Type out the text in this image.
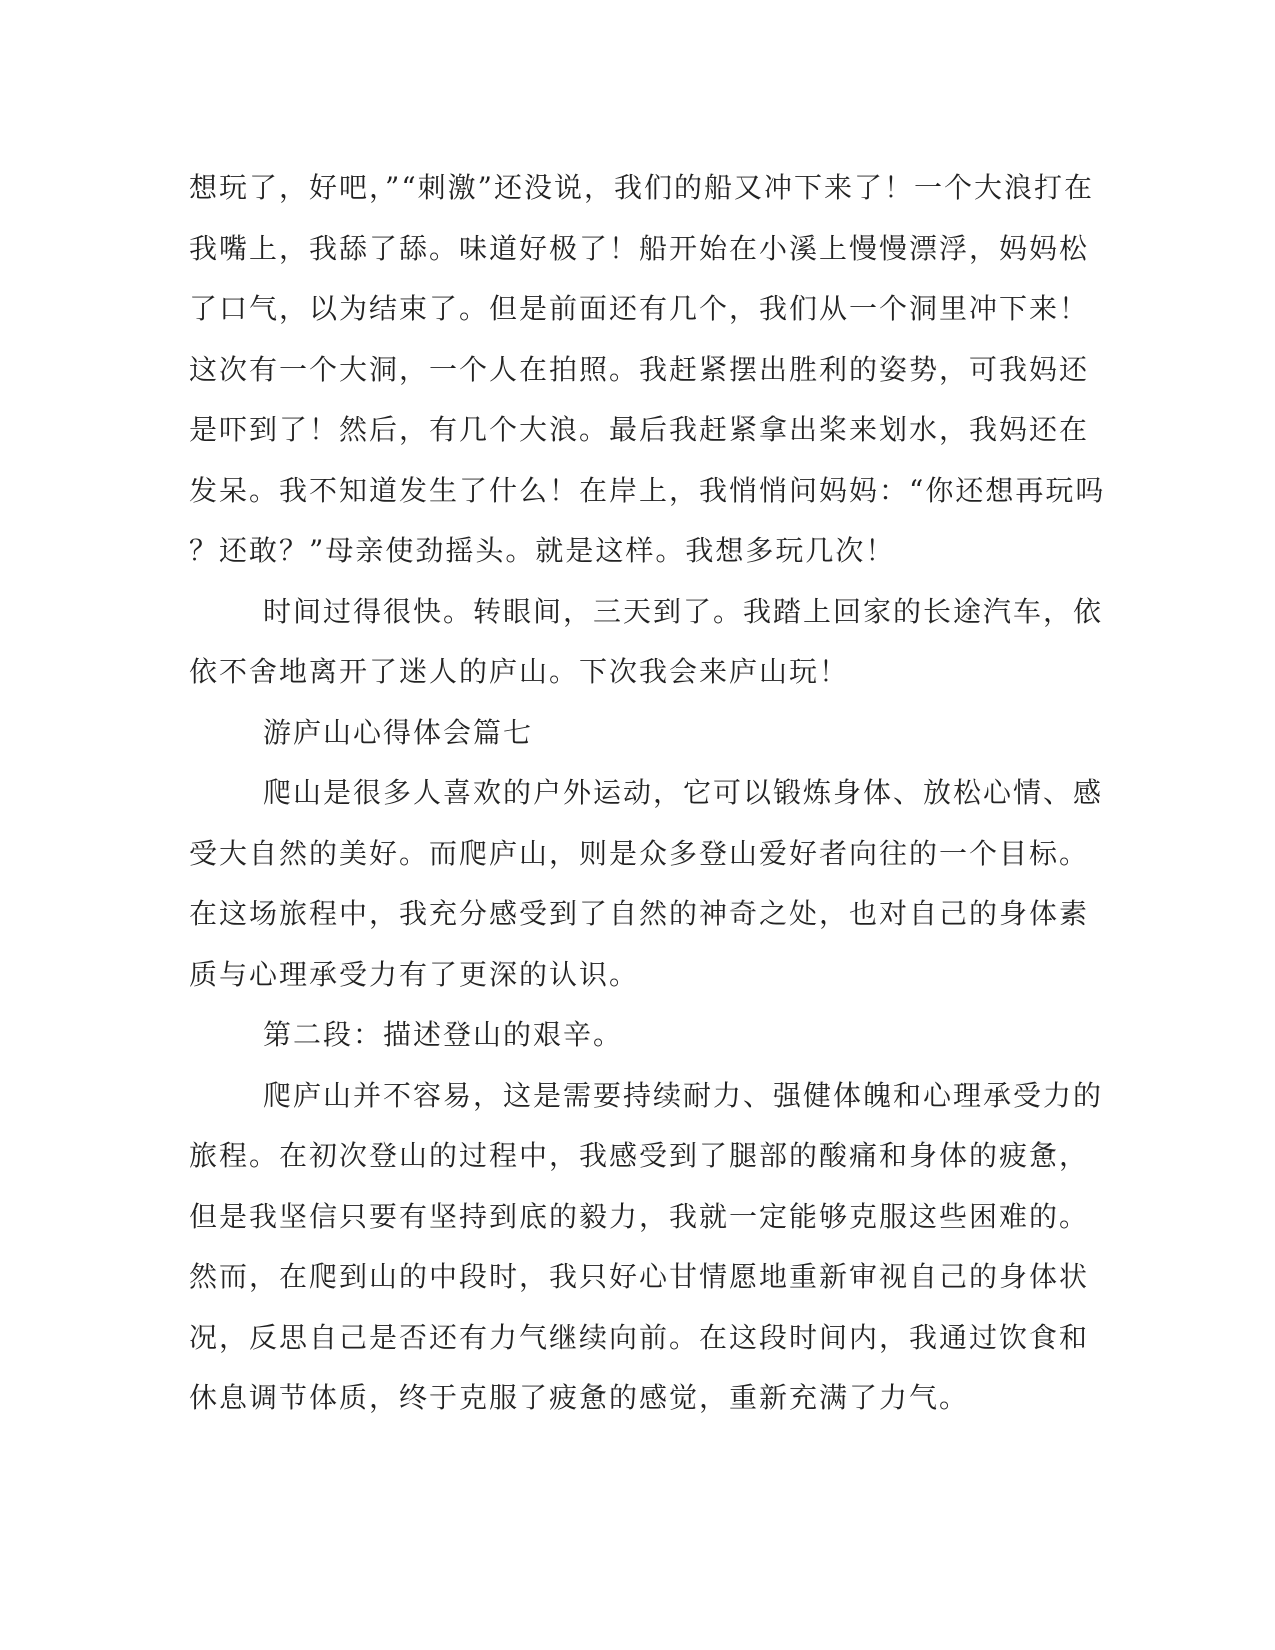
想玩了，好吧，”“刺激”还没说，我们的船又冲下来了！一个大浪打在
我嘴上，我舔了舔。味道好极了！船开始在小溪上慢慢漂浮，妈妈松
了口气，以为结束了。但是前面还有几个，我们从一个洞里冲下来！
这次有一个大洞，一个人在拍照。我赶紧摆出胜利的姿势，可我妈还
是吓到了！然后，有几个大浪。最后我赶紧拿出桨来划水，我妈还在
发呆。我不知道发生了什么！在岸上，我悄悄问妈妈：“你还想再玩吗
？还敢？”母亲使劲摇头。就是这样。我想多玩几次！
时间过得很快。转眼间，三天到了。我踏上回家的长途汽车，依
依不舍地离开了迷人的庐山。下次我会来庐山玩！
游庐山心得体会篇七
爬山是很多人喜欢的户外运动，它可以锻炼身体、放松心情、感
受大自然的美好。而爬庐山，则是众多登山爱好者向往的一个目标。
在这场旅程中，我充分感受到了自然的神奇之处，也对自己的身体素
质与心理承受力有了更深的认识。
第二段：描述登山的艰辛。
爬庐山并不容易，这是需要持续耐力、强健体魄和心理承受力的
旅程。在初次登山的过程中，我感受到了腿部的酸痛和身体的疲惫，
但是我坚信只要有坚持到底的毅力，我就一定能够克服这些困难的。
然而，在爬到山的中段时，我只好心甘情愿地重新审视自己的身体状
况，反思自己是否还有力气继续向前。在这段时间内，我通过饮食和
休息调节体质，终于克服了疲惫的感觉，重新充满了力气。
